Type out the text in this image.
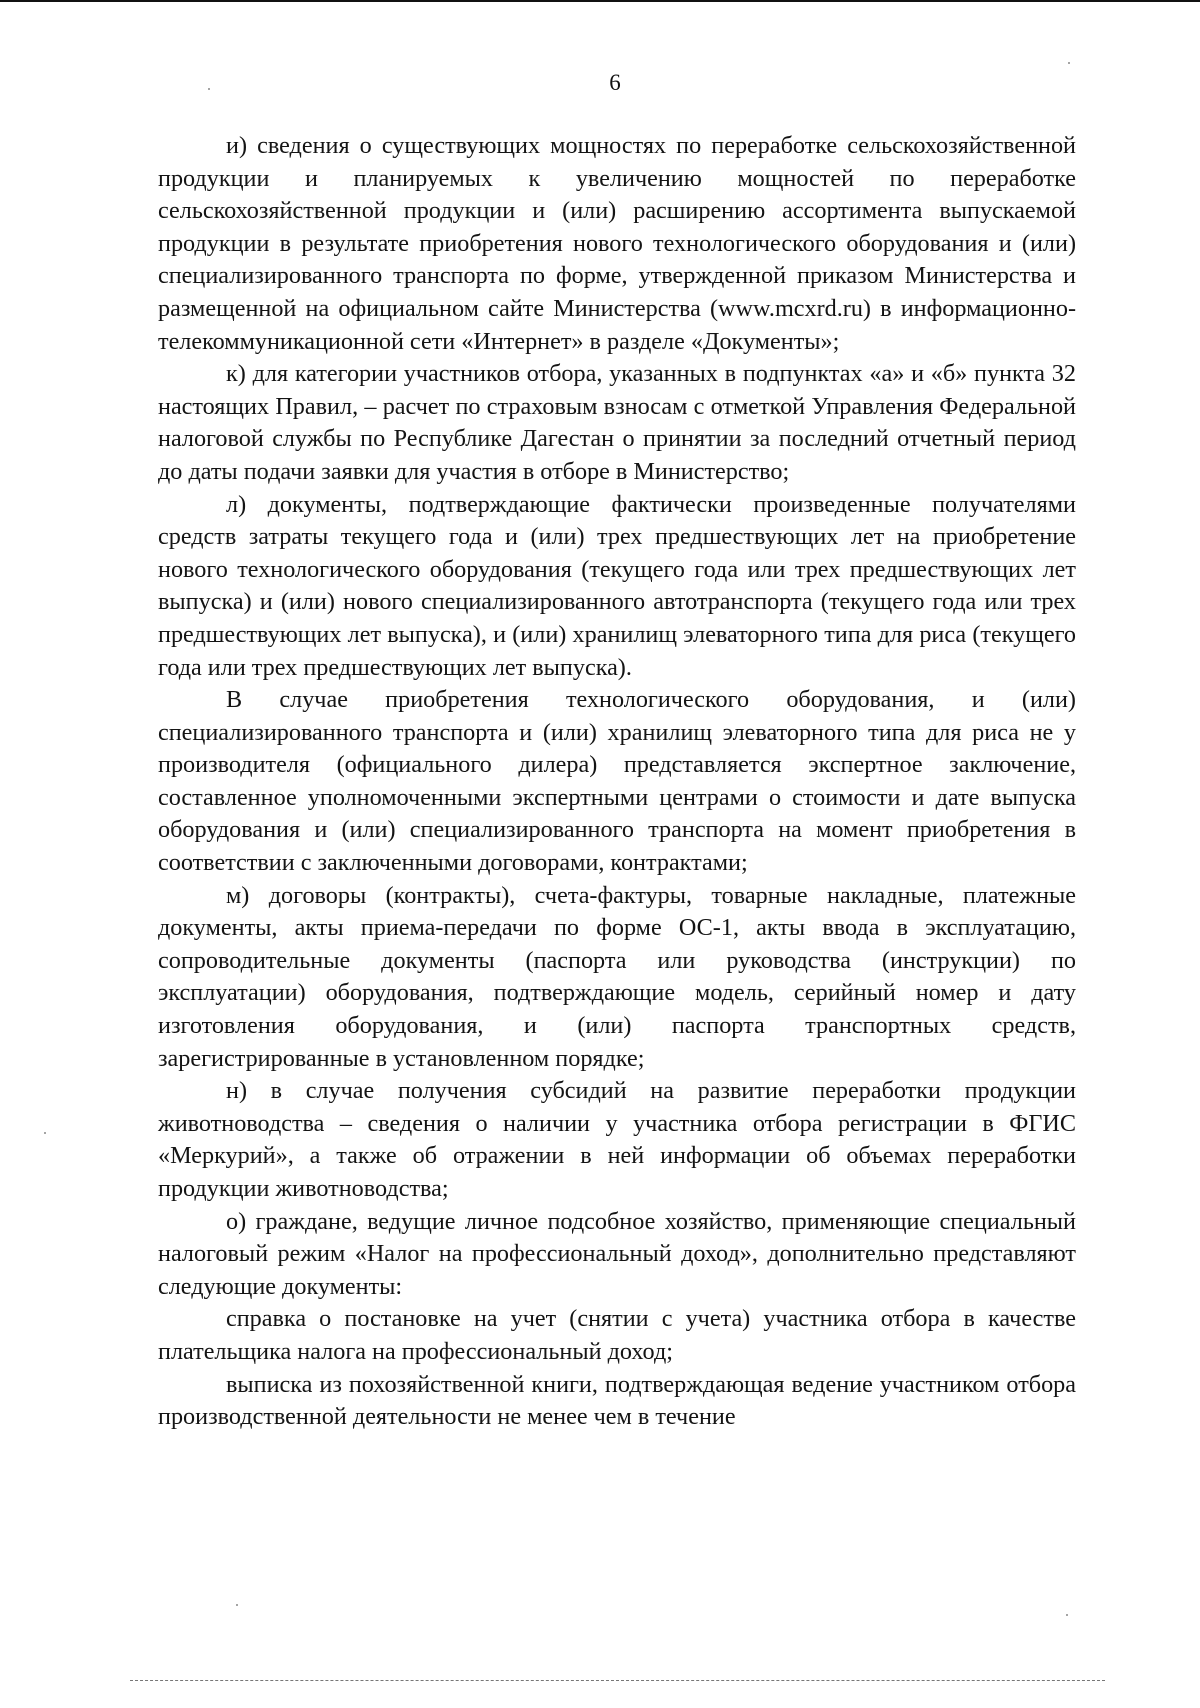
6

и) сведения о существующих мощностях по переработке сельскохозяйственной продукции и планируемых к увеличению мощностей по переработке сельскохозяйственной продукции и (или) расширению ассортимента выпускаемой продукции в результате приобретения нового технологического оборудования и (или) специализированного транспорта по форме, утвержденной приказом Министерства и размещенной на официальном сайте Министерства (www.mcxrd.ru) в информационно-телекоммуникационной сети «Интернет» в разделе «Документы»;

к) для категории участников отбора, указанных в подпунктах «а» и «б» пункта 32 настоящих Правил, – расчет по страховым взносам с отметкой Управления Федеральной налоговой службы по Республике Дагестан о принятии за последний отчетный период до даты подачи заявки для участия в отборе в Министерство;

л) документы, подтверждающие фактически произведенные получателями средств затраты текущего года и (или) трех предшествующих лет на приобретение нового технологического оборудования (текущего года или трех предшествующих лет выпуска) и (или) нового специализированного автотранспорта (текущего года или трех предшествующих лет выпуска), и (или) хранилищ элеваторного типа для риса (текущего года или трех предшествующих лет выпуска).

В случае приобретения технологического оборудования, и (или) специализированного транспорта и (или) хранилищ элеваторного типа для риса не у производителя (официального дилера) представляется экспертное заключение, составленное уполномоченными экспертными центрами о стоимости и дате выпуска оборудования и (или) специализированного транспорта на момент приобретения в соответствии с заключенными договорами, контрактами;

м) договоры (контракты), счета-фактуры, товарные накладные, платежные документы, акты приема-передачи по форме ОС-1, акты ввода в эксплуатацию, сопроводительные документы (паспорта или руководства (инструкции) по эксплуатации) оборудования, подтверждающие модель, серийный номер и дату изготовления оборудования, и (или) паспорта транспортных средств, зарегистрированные в установленном порядке;

н) в случае получения субсидий на развитие переработки продукции животноводства – сведения о наличии у участника отбора регистрации в ФГИС «Меркурий», а также об отражении в ней информации об объемах переработки продукции животноводства;

о) граждане, ведущие личное подсобное хозяйство, применяющие специальный налоговый режим «Налог на профессиональный доход», дополнительно представляют следующие документы:

справка о постановке на учет (снятии с учета) участника отбора в качестве плательщика налога на профессиональный доход;

выписка из похозяйственной книги, подтверждающая ведение участником отбора производственной деятельности не менее чем в течение
